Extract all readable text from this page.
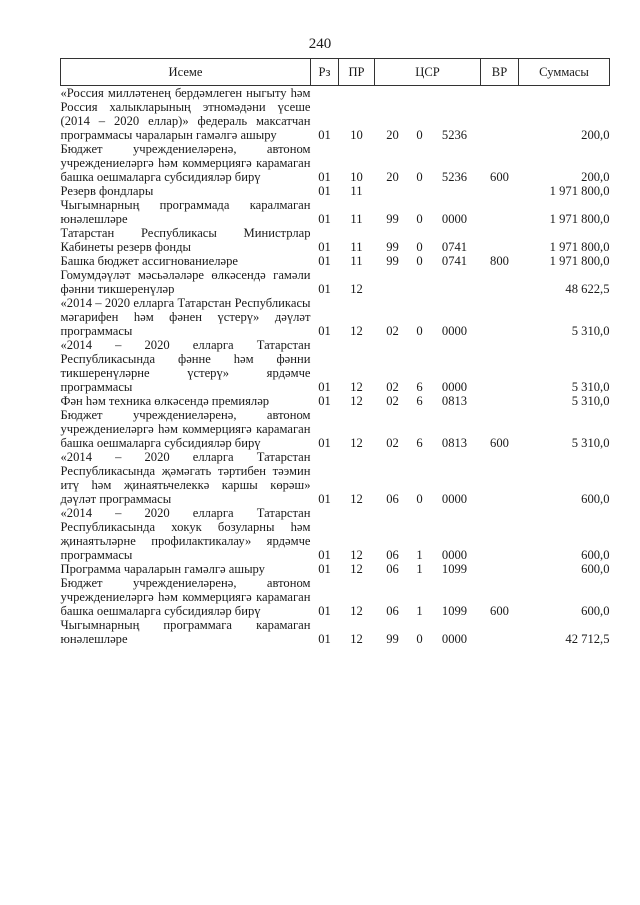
240
Исеме	Рз	ПР	ЦСР			ВР	Суммасы
«Россия милләтенең бердәмлеген ныгыту һәм Россия халыкларының этномәдәни үсеше (2014 – 2020 еллар)» федераль максатчан программасы чараларын гамәлгә ашыру	01	10	20	0	5236		200,0
Бюджет учреждениеләренә, автоном учреждениеләргә һәм коммерциягә карамаган башка оешмаларга субсидияләр бирү	01	10	20	0	5236	600	200,0
Резерв фондлары	01	11					1 971 800,0
Чыгымнарның программада каралмаган юнәлешләре	01	11	99	0	0000		1 971 800,0
Татарстан Республикасы Министрлар Кабинеты резерв фонды	01	11	99	0	0741		1 971 800,0
Башка бюджет ассигнованиеләре	01	11	99	0	0741	800	1 971 800,0
Гомумдәүләт мәсьәләләре өлкәсендә гамәли фәнни тикшеренүләр	01	12					48 622,5
«2014 – 2020 елларга Татарстан Республикасы мәгарифен һәм фәнен үстерү» дәүләт программасы	01	12	02	0	0000		5 310,0
«2014 – 2020 елларга Татарстан Республикасында фәнне һәм фәнни тикшеренүләрне үстерү» ярдәмче программасы	01	12	02	6	0000		5 310,0
Фән һәм техника өлкәсендә премияләр	01	12	02	6	0813		5 310,0
Бюджет учреждениеләренә, автоном учреждениеләргә һәм коммерциягә карамаган башка оешмаларга субсидияләр бирү	01	12	02	6	0813	600	5 310,0
«2014 – 2020 елларга Татарстан Республикасында җәмәгать тәртибен тәэмин итү һәм җинаятьчелеккә каршы көрәш» дәүләт программасы	01	12	06	0	0000		600,0
«2014 – 2020 елларга Татарстан Республикасында хокук бозуларны һәм җинаятьләрне профилактикалау» ярдәмче программасы	01	12	06	1	0000		600,0
Программа чараларын гамәлгә ашыру	01	12	06	1	1099		600,0
Бюджет учреждениеләренә, автоном учреждениеләргә һәм коммерциягә карамаган башка оешмаларга субсидияләр бирү	01	12	06	1	1099	600	600,0
Чыгымнарның программага карамаган юнәлешләре	01	12	99	0	0000		42 712,5
